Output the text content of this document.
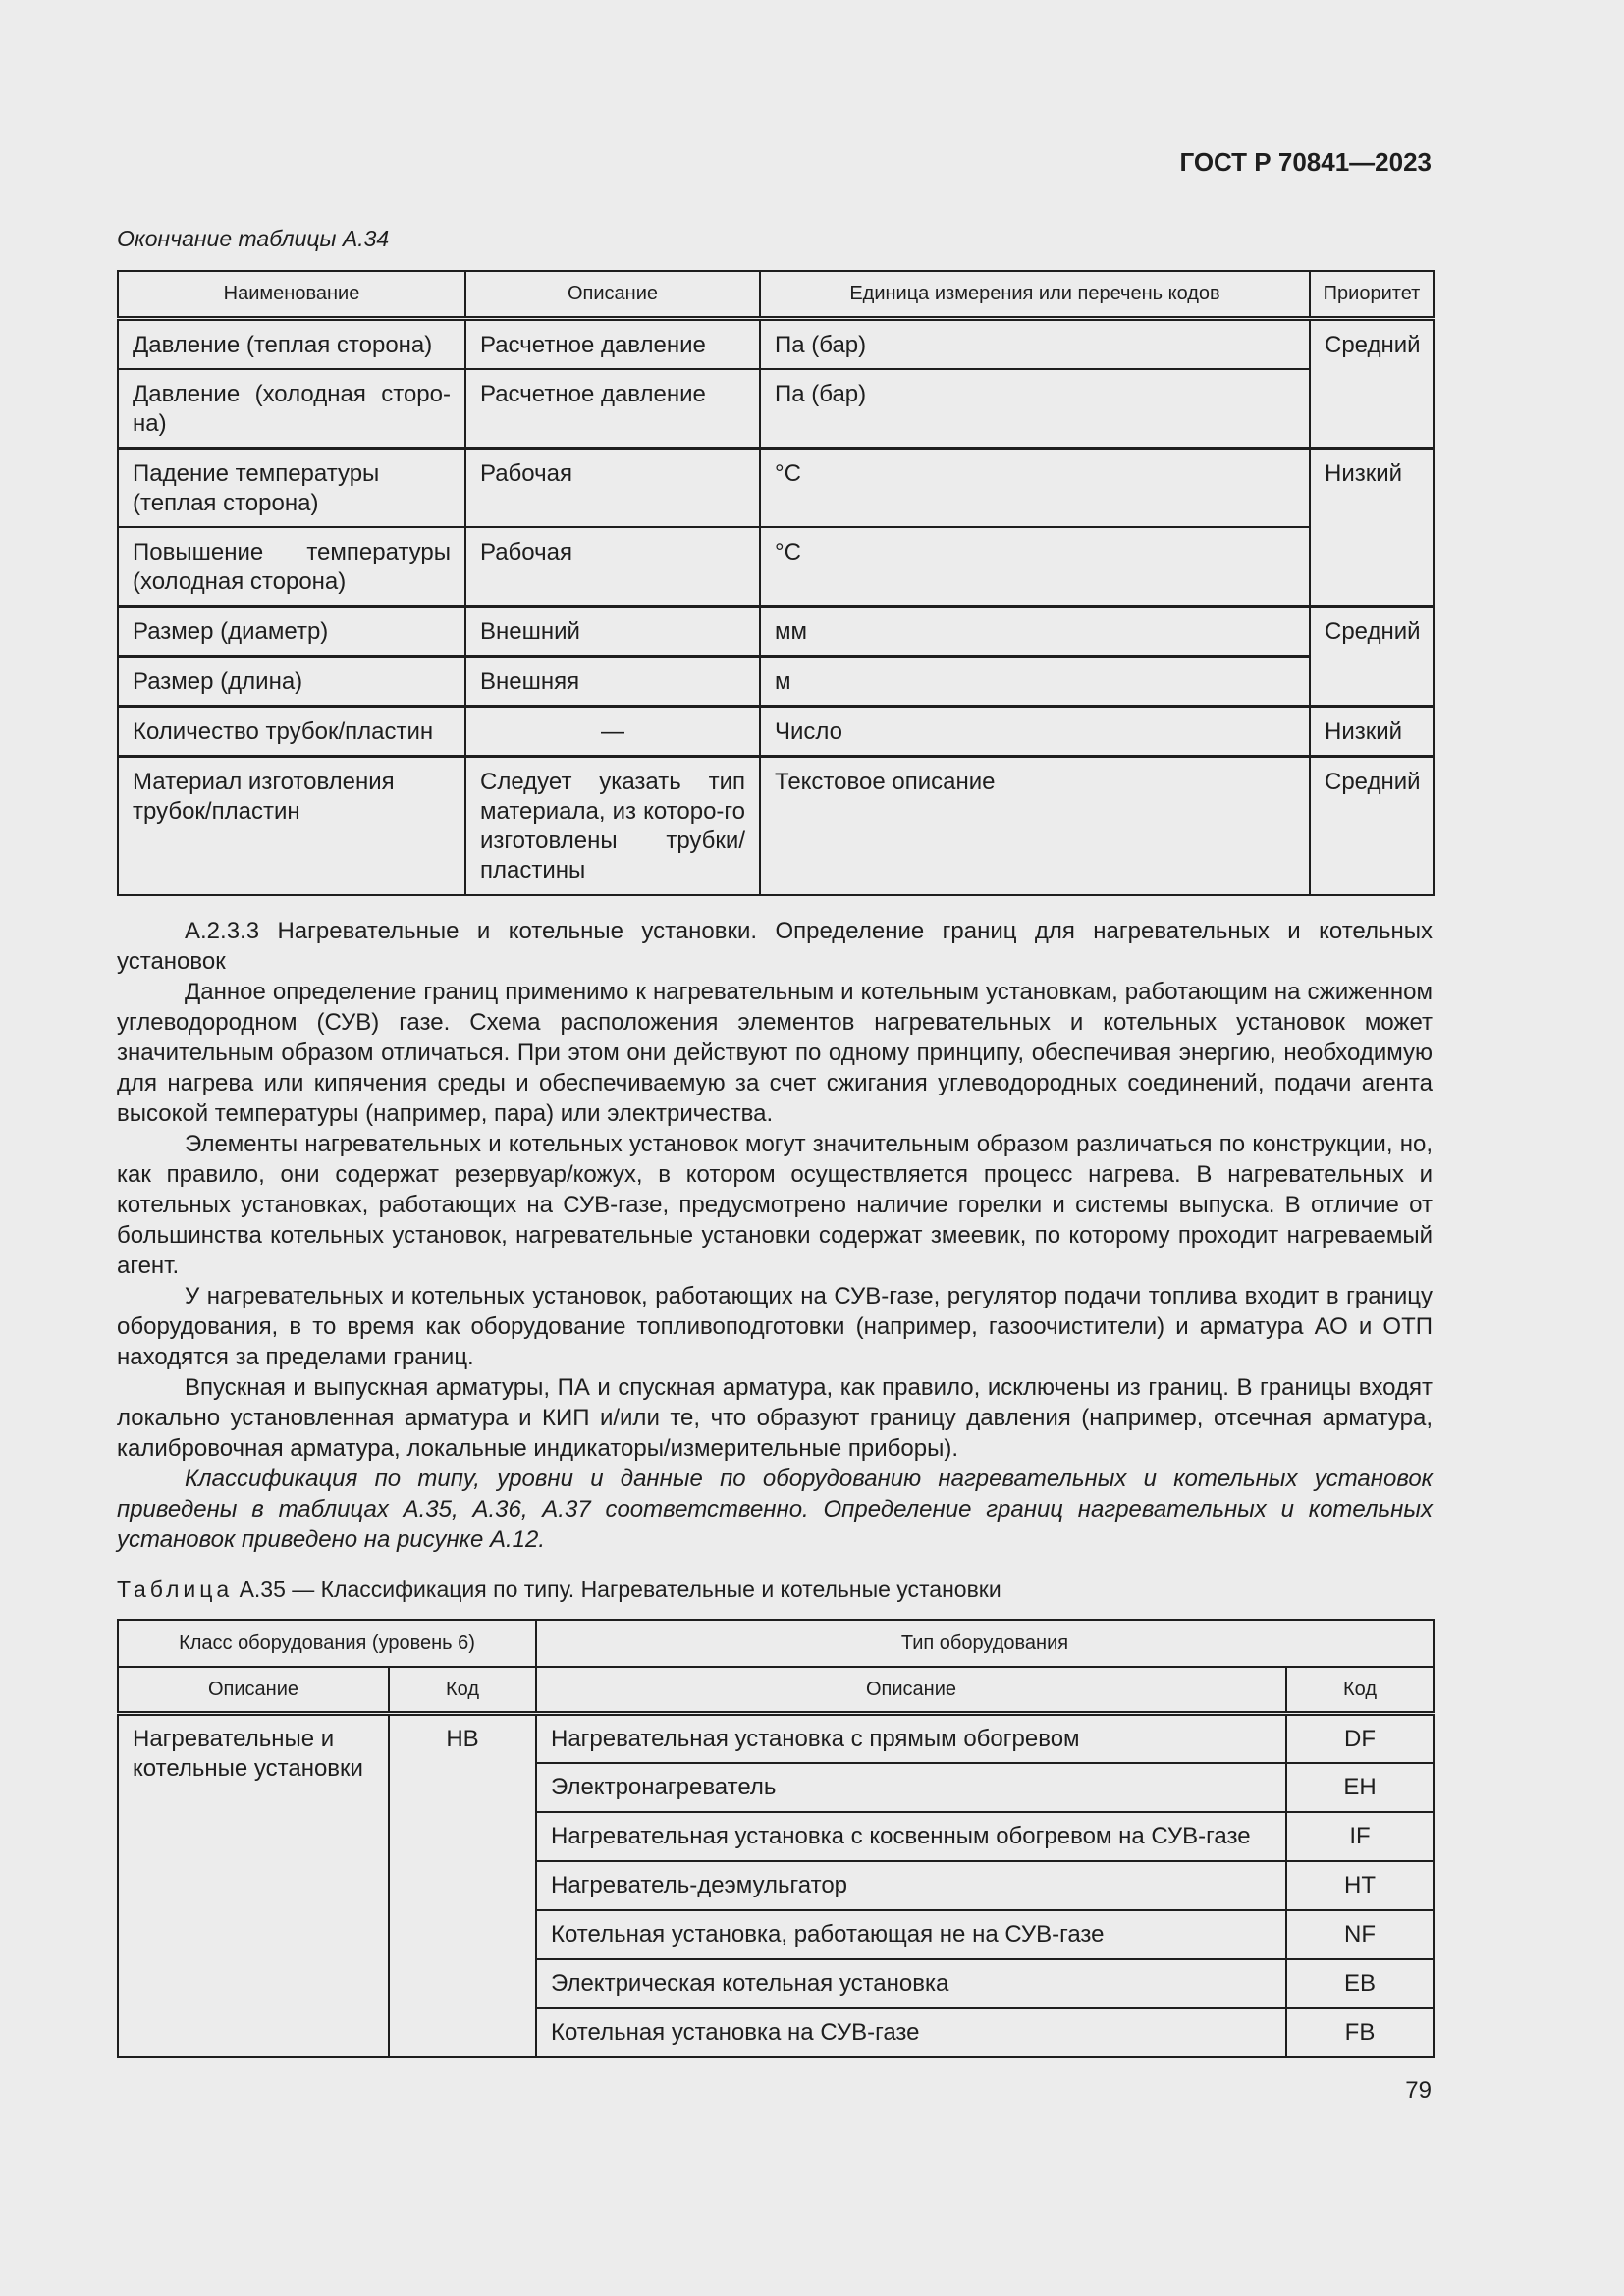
ГОСТ Р 70841—2023
Окончание таблицы А.34
Наименование	Описание	Единица измерения или перечень кодов	Приоритет
Давление (теплая сторона)	Расчетное давление	Па (бар)	Средний
Давление (холодная сторо-на)	Расчетное давление	Па (бар)	
Падение температуры (теплая сторона)	Рабочая	°C	Низкий
Повышение температуры (холодная сторона)	Рабочая	°C	
Размер (диаметр)	Внешний	мм	Средний
Размер (длина)	Внешняя	м	
Количество трубок/пластин	—	Число	Низкий
Материал изготовления трубок/пластин	Следует указать тип материала, из которо-го изготовлены трубки/пластины	Текстовое описание	Средний

А.2.3.3 Нагревательные и котельные установки. Определение границ для нагревательных и котельных установок

Данное определение границ применимо к нагревательным и котельным установкам, работающим на сжиженном углеводородном (СУВ) газе. Схема расположения элементов нагревательных и котельных установок может значительным образом отличаться. При этом они действуют по одному принципу, обеспечивая энергию, необходимую для нагрева или кипячения среды и обеспечиваемую за счет сжигания углеводородных соединений, подачи агента высокой температуры (например, пара) или электричества.

Элементы нагревательных и котельных установок могут значительным образом различаться по конструкции, но, как правило, они содержат резервуар/кожух, в котором осуществляется процесс нагрева. В нагревательных и котельных установках, работающих на СУВ-газе, предусмотрено наличие горелки и системы выпуска. В отличие от большинства котельных установок, нагревательные установки содержат змеевик, по которому проходит нагреваемый агент.

У нагревательных и котельных установок, работающих на СУВ-газе, регулятор подачи топлива входит в границу оборудования, в то время как оборудование топливоподготовки (например, газоочистители) и арматура АО и ОТП находятся за пределами границ.

Впускная и выпускная арматуры, ПА и спускная арматура, как правило, исключены из границ. В границы входят локально установленная арматура и КИП и/или те, что образуют границу давления (например, отсечная арматура, калибровочная арматура, локальные индикаторы/измерительные приборы).

Классификация по типу, уровни и данные по оборудованию нагревательных и котельных установок приведены в таблицах А.35, А.36, А.37 соответственно. Определение границ нагревательных и котельных установок приведено на рисунке А.12.

Таблица А.35 — Классификация по типу. Нагревательные и котельные установки
Класс оборудования (уровень 6)		Тип оборудования	
Описание	Код	Описание	Код
Нагревательные и котельные установки	HB	Нагревательная установка с прямым обогревом	DF
		Электронагреватель	EH
		Нагревательная установка с косвенным обогревом на СУВ-газе	IF
		Нагреватель-деэмульгатор	HT
		Котельная установка, работающая не на СУВ-газе	NF
		Электрическая котельная установка	EB
		Котельная установка на СУВ-газе	FB
79
